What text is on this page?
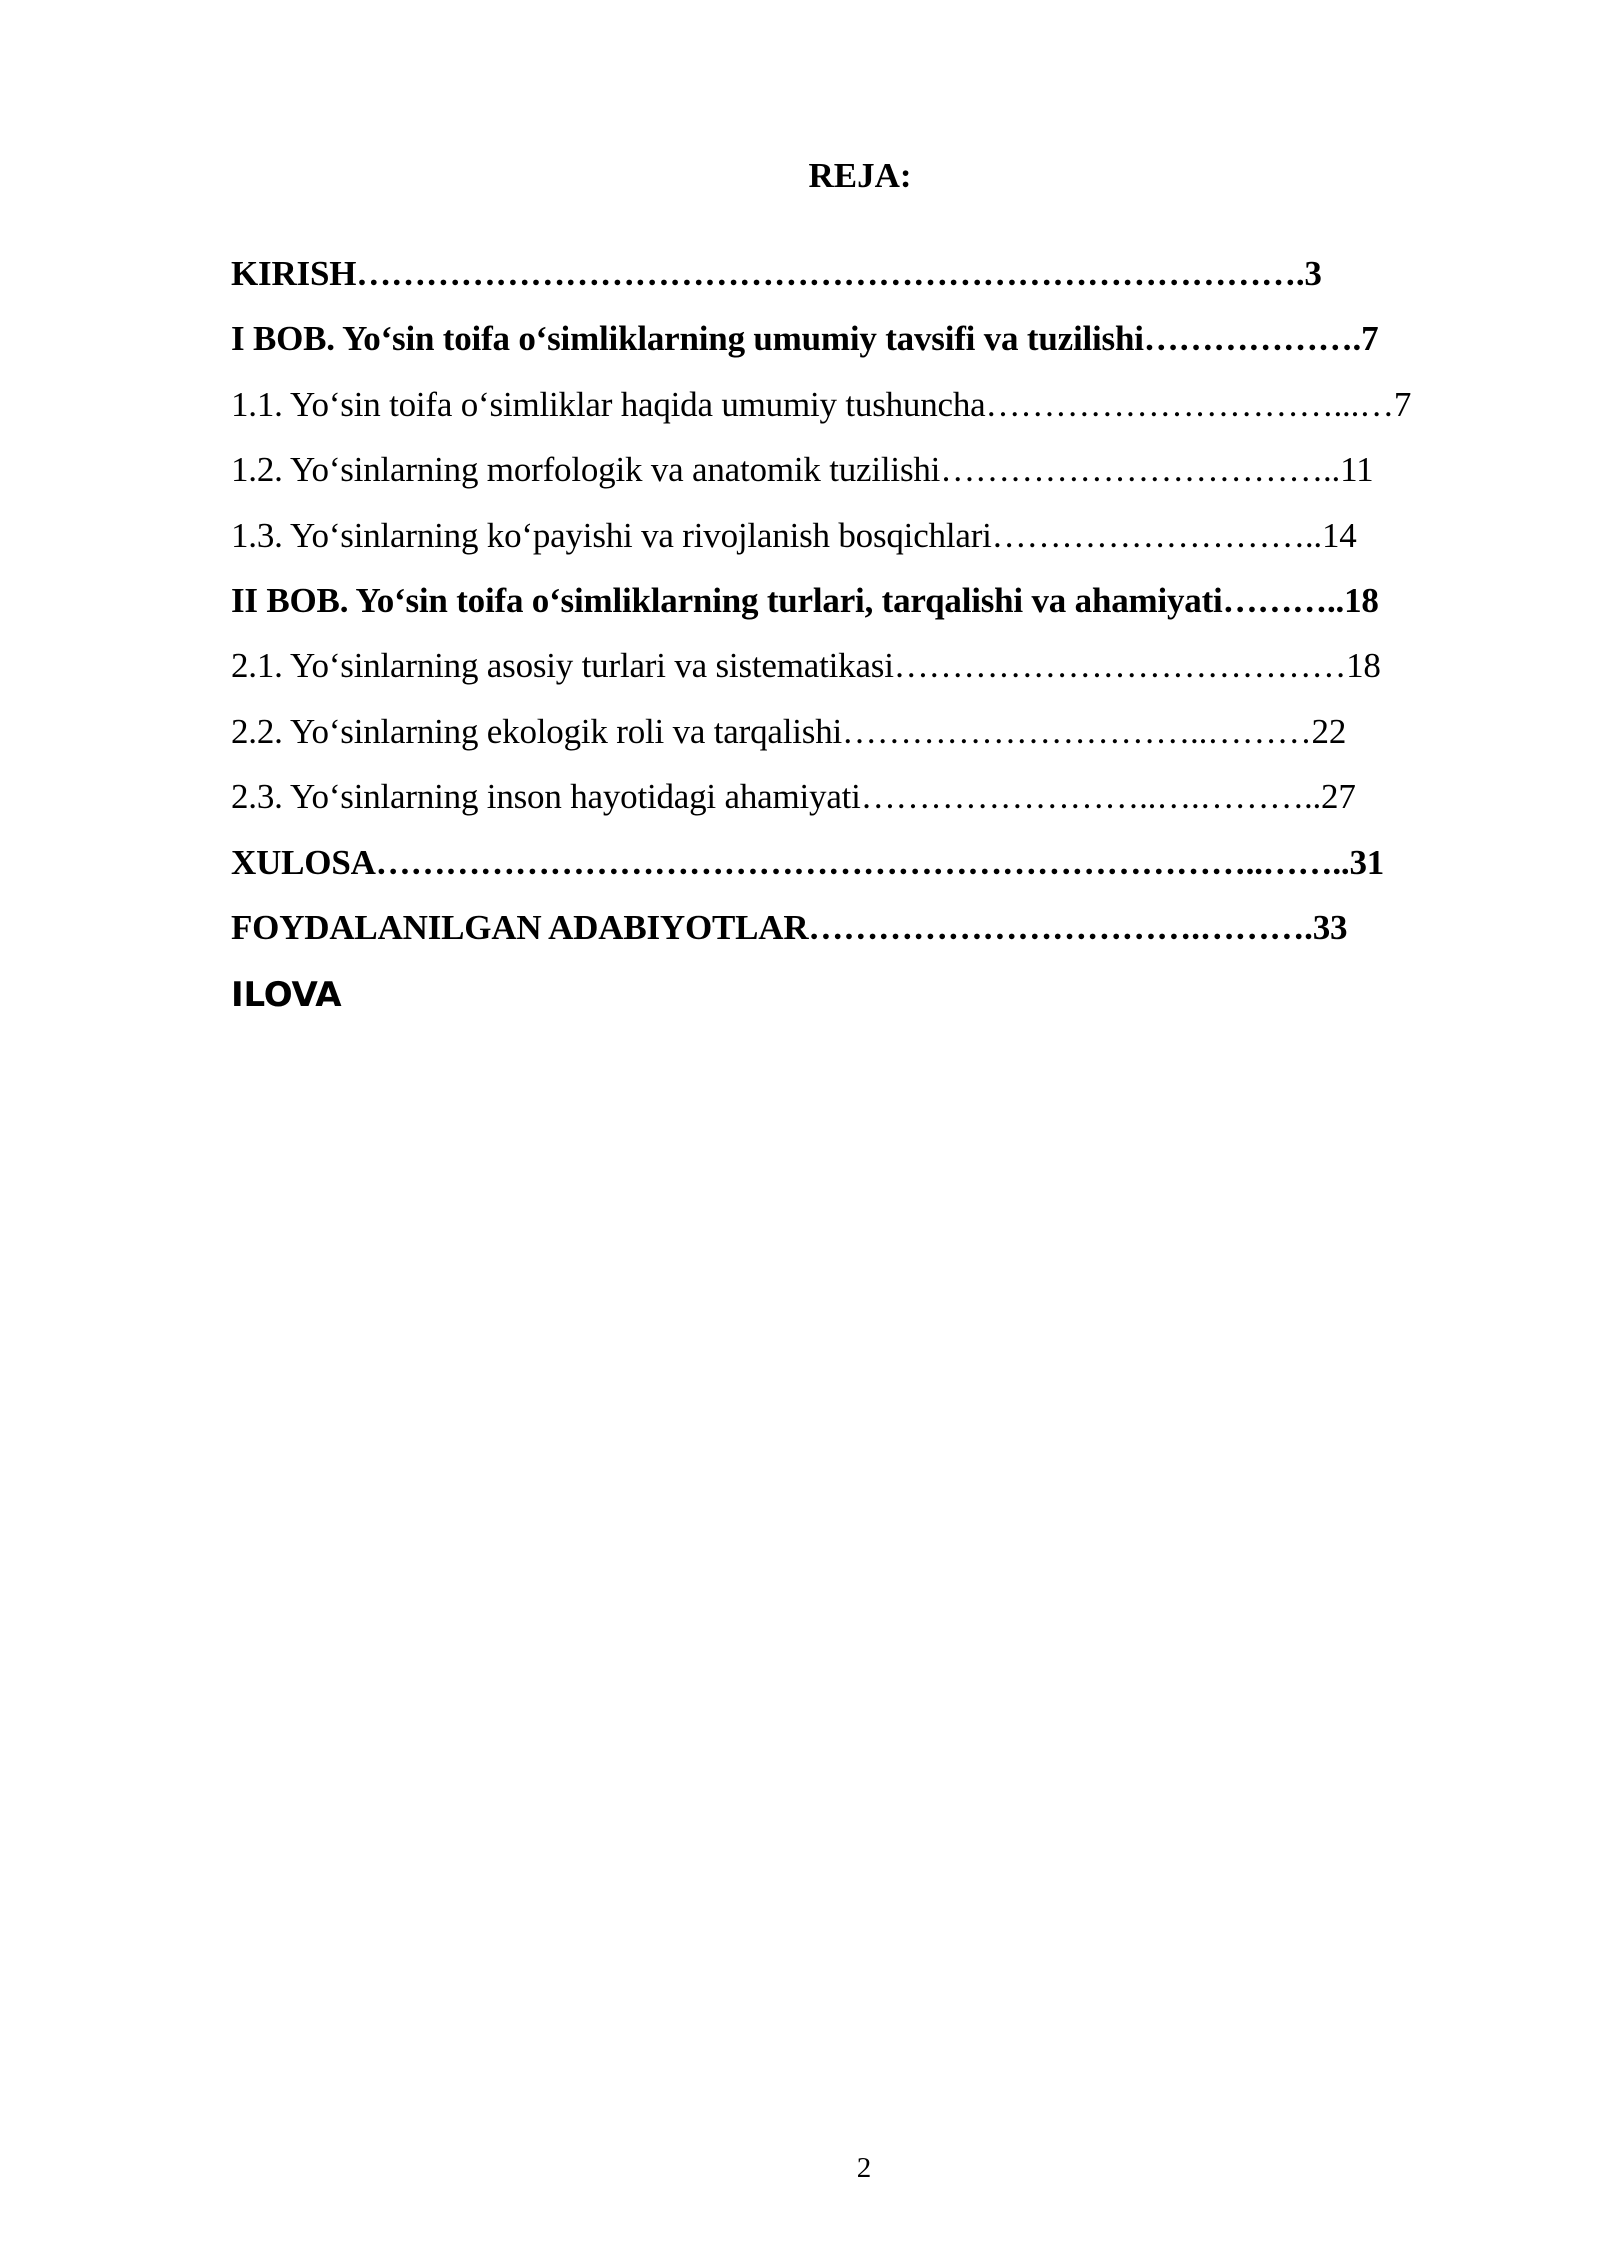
REJA:
KIRISH……………………………………………………………………….3
I BOB. Yo‘sin toifa o‘simliklarning umumiy tavsifi va tuzilishi……………….7
1.1. Yo‘sin toifa o‘simliklar haqida umumiy tushuncha…………………………...…7
1.2. Yo‘sinlarning morfologik va anatomik tuzilishi……………………………..11
1.3. Yo‘sinlarning ko‘payishi va rivojlanish bosqichlari………………………..14
II BOB. Yo‘sin toifa o‘simliklarning turlari, tarqalishi va ahamiyati………..18
2.1. Yo‘sinlarning asosiy turlari va sistematikasi…………………………………18
2.2. Yo‘sinlarning ekologik roli va tarqalishi…………………………..………22
2.3. Yo‘sinlarning inson hayotidagi ahamiyati……………………..….………..27
XULOSA…………………………………………………………………..……..31
FOYDALANILGAN ADABIYOTLAR…………………………….……….33
ILOVA
2
